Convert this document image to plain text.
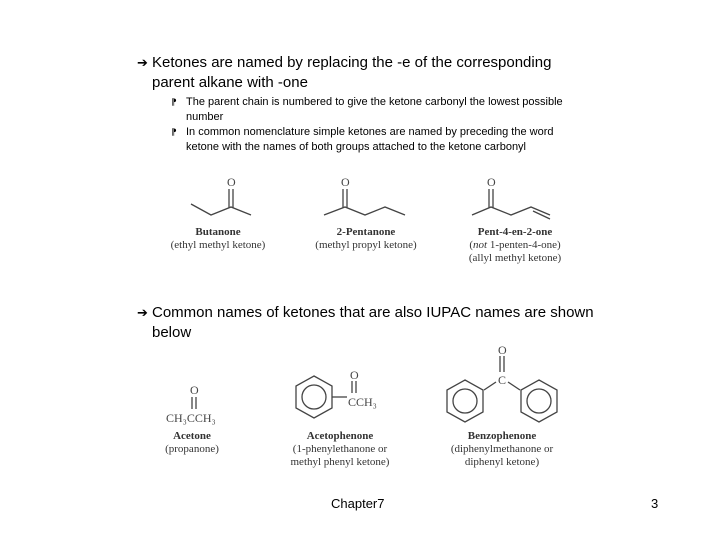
➔ Ketones are named by replacing the -e of the corresponding
parent alkane with -one
⁋ The parent chain is numbered to give the ketone carbonyl the lowest possible
number
⁋ In common nomenclature simple ketones are named by preceding the word
ketone with the names of both groups attached to the ketone carbonyl
O	O	O
Butanone
(ethyl methyl ketone)
2-Pentanone
(methyl propyl ketone)
Pent-4-en-2-one
(not 1-penten-4-one)
(allyl methyl ketone)
➔ Common names of ketones that are also IUPAC names are shown
below
O
CH₃CCH₃
O
CCH₃
O
C
Acetone
(propanone)
Acetophenone
(1-phenylethanone or
methyl phenyl ketone)
Benzophenone
(diphenylmethanone or
diphenyl ketone)
Chapter7	3
